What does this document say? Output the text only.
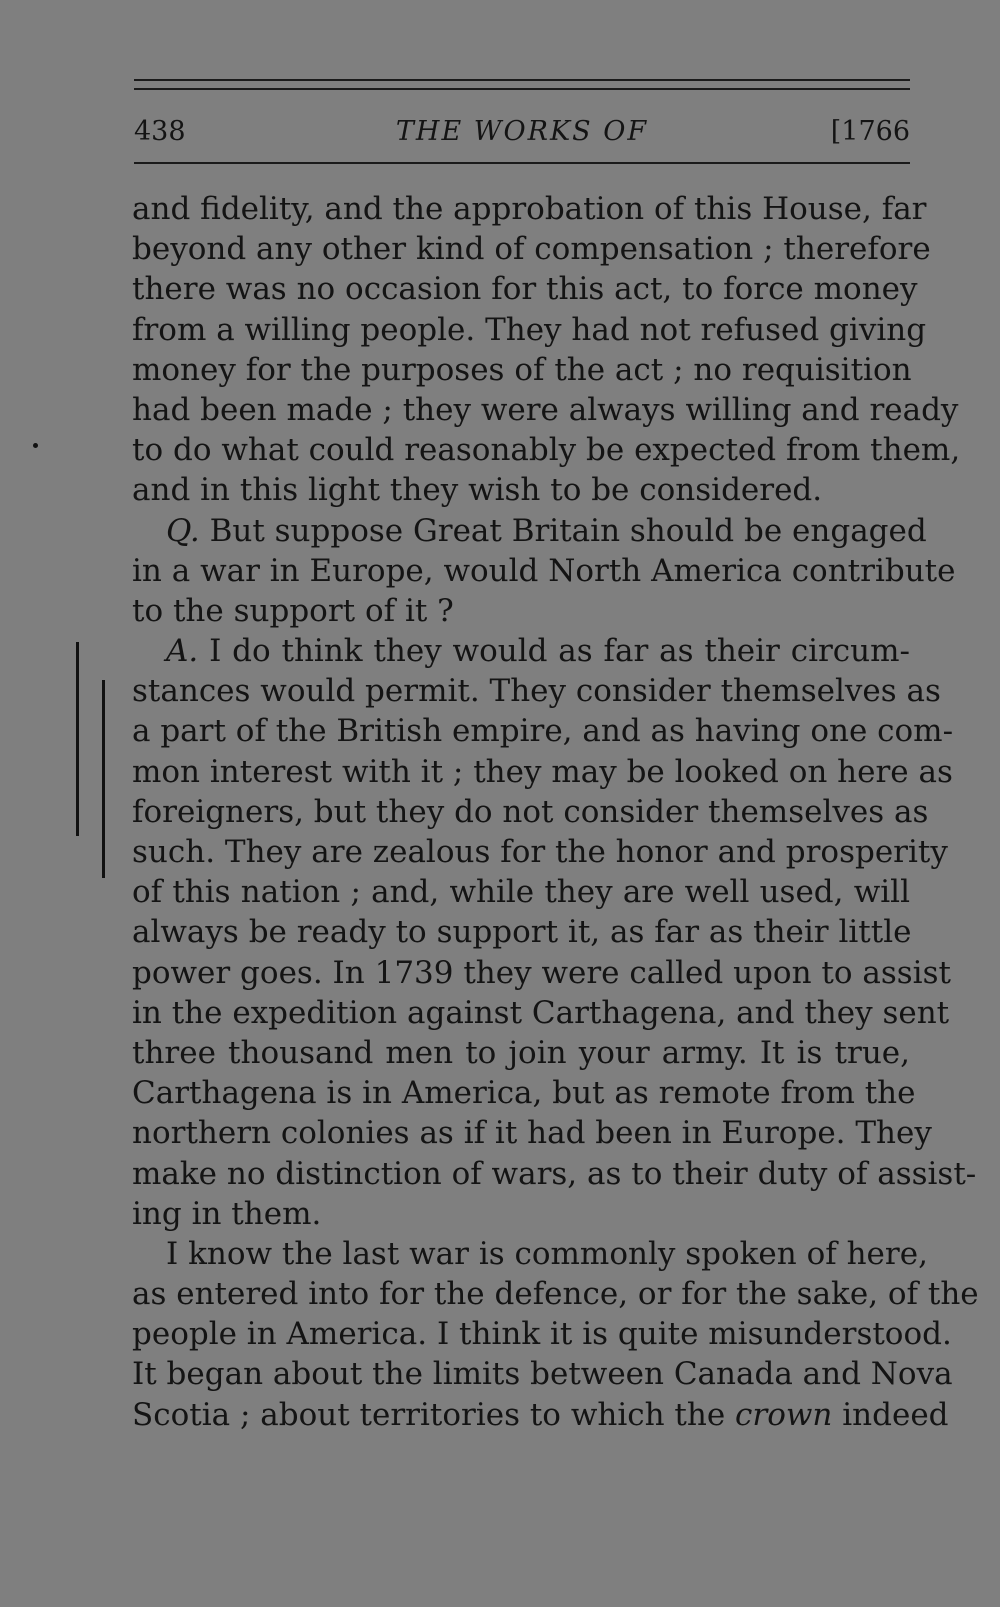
438	THE WORKS OF	[1766
and fidelity, and the approbation of this House, far
beyond any other kind of compensation ; therefore
there was no occasion for this act, to force money
from a willing people. They had not refused giving
money for the purposes of the act ; no requisition
had been made ; they were always willing and ready
to do what could reasonably be expected from them,
and in this light they wish to be considered.
Q. But suppose Great Britain should be engaged
in a war in Europe, would North America contribute
to the support of it ?
A. I do think they would as far as their circum-
stances would permit. They consider themselves as
a part of the British empire, and as having one com-
mon interest with it ; they may be looked on here as
foreigners, but they do not consider themselves as
such. They are zealous for the honor and prosperity
of this nation ; and, while they are well used, will
always be ready to support it, as far as their little
power goes. In 1739 they were called upon to assist
in the expedition against Carthagena, and they sent
three thousand men to join your army. It is true,
Carthagena is in America, but as remote from the
northern colonies as if it had been in Europe. They
make no distinction of wars, as to their duty of assist-
ing in them.
I know the last war is commonly spoken of here,
as entered into for the defence, or for the sake, of the
people in America. I think it is quite misunderstood.
It began about the limits between Canada and Nova
Scotia ; about territories to which the crown indeed
